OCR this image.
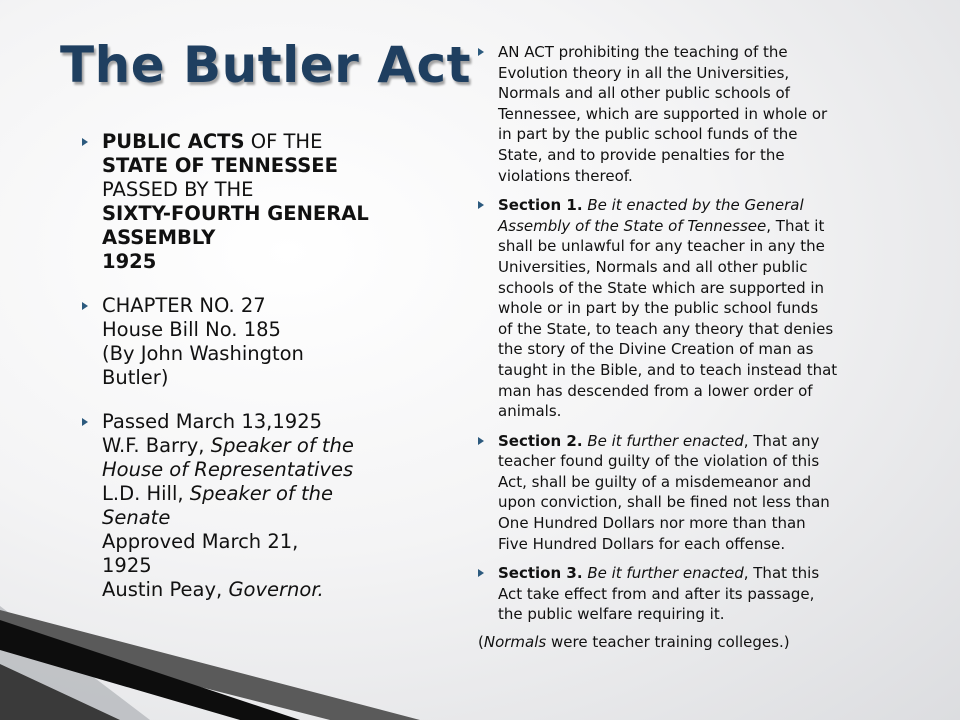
The Butler Act
PUBLIC ACTS OF THE
STATE OF TENNESSEE
PASSED BY THE
SIXTY-FOURTH GENERAL
ASSEMBLY
1925
CHAPTER NO. 27
House Bill No. 185
(By John Washington
Butler)
Passed March 13,1925
W.F. Barry, Speaker of the
House of Representatives
L.D. Hill, Speaker of the
Senate
Approved March 21,
1925
Austin Peay, Governor.
AN ACT prohibiting the teaching of the
Evolution theory in all the Universities,
Normals and all other public schools of
Tennessee, which are supported in whole or
in part by the public school funds of the
State, and to provide penalties for the
violations thereof.
Section 1. Be it enacted by the General
Assembly of the State of Tennessee, That it
shall be unlawful for any teacher in any the
Universities, Normals and all other public
schools of the State which are supported in
whole or in part by the public school funds
of the State, to teach any theory that denies
the story of the Divine Creation of man as
taught in the Bible, and to teach instead that
man has descended from a lower order of
animals.
Section 2. Be it further enacted, That any
teacher found guilty of the violation of this
Act, shall be guilty of a misdemeanor and
upon conviction, shall be fined not less than
One Hundred Dollars nor more than than
Five Hundred Dollars for each offense.
Section 3. Be it further enacted, That this
Act take effect from and after its passage,
the public welfare requiring it.
(Normals were teacher training colleges.)
